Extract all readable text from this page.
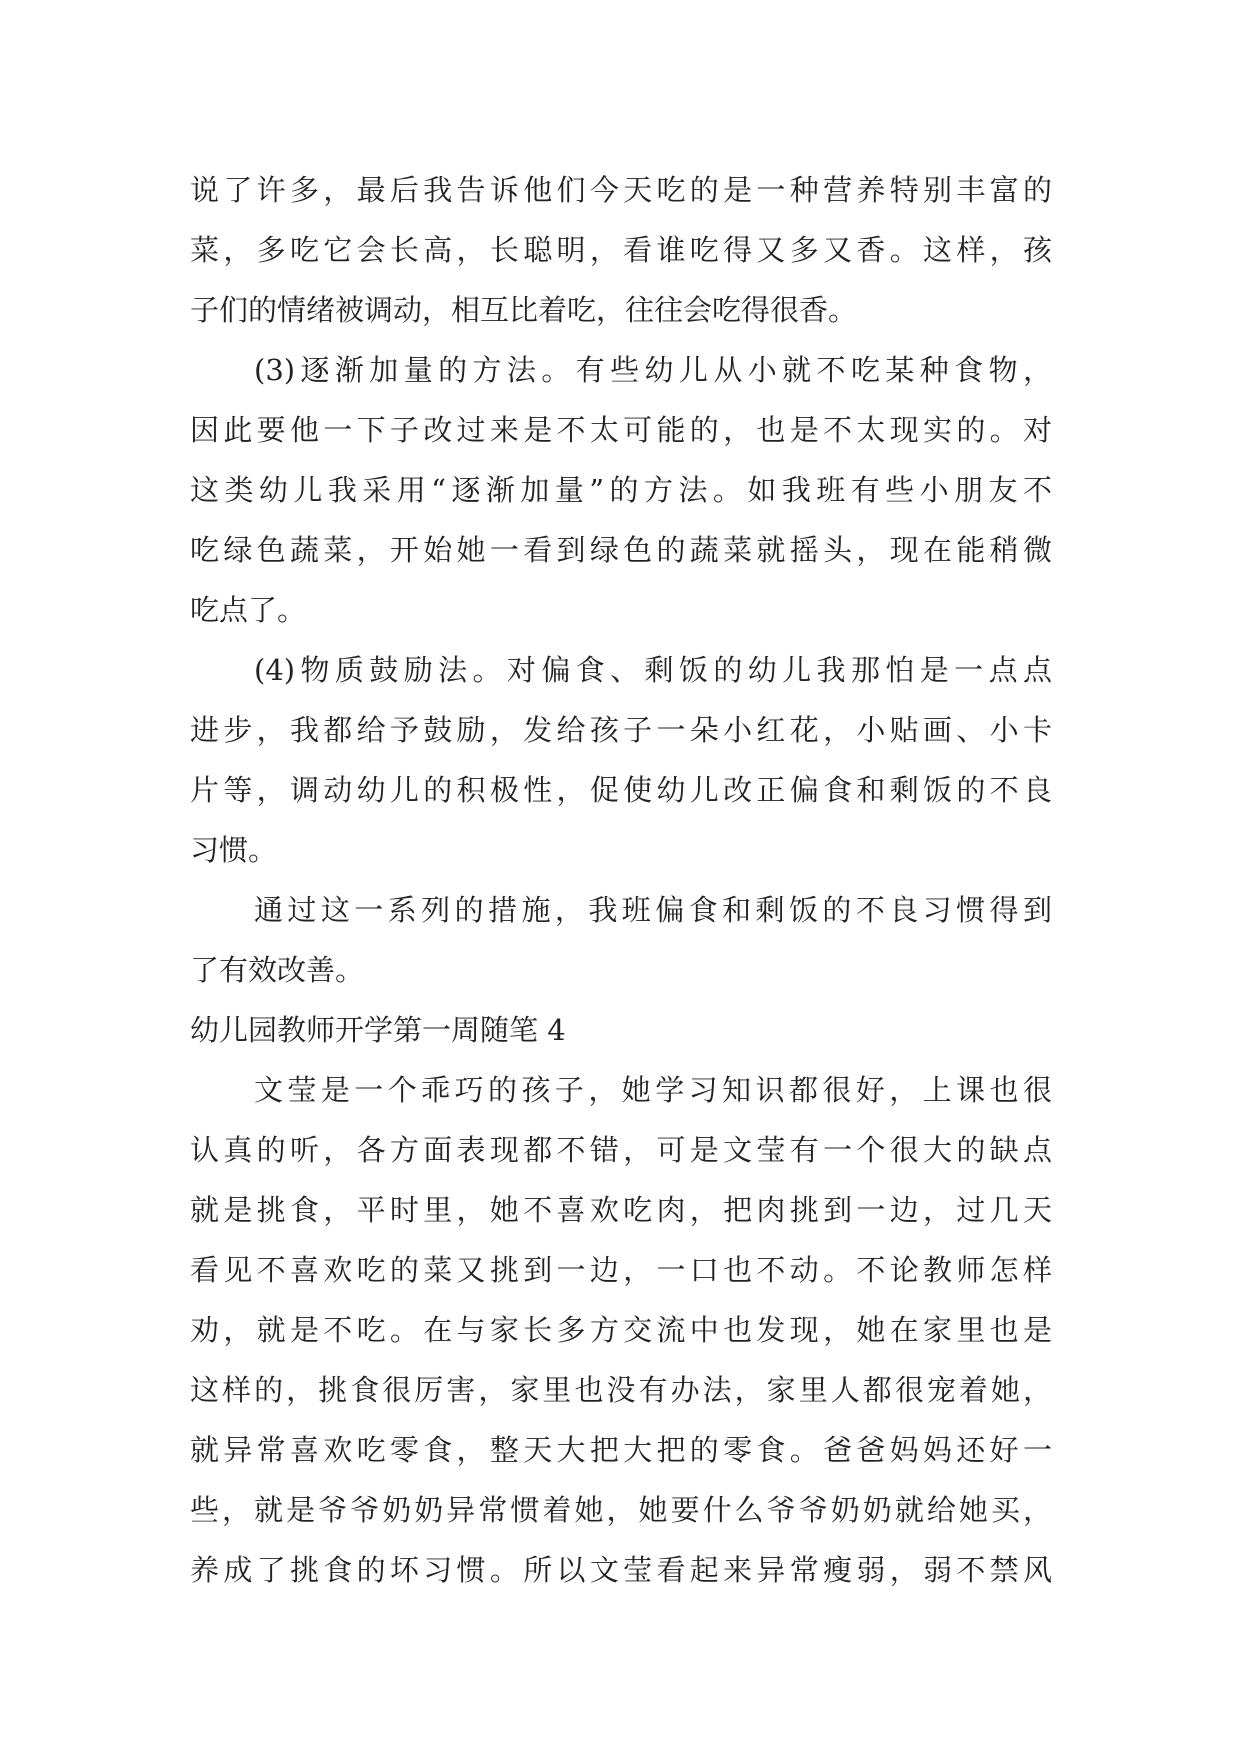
说了许多，最后我告诉他们今天吃的是一种营养特别丰富的
菜，多吃它会长高，长聪明，看谁吃得又多又香。这样，孩
子们的情绪被调动，相互比着吃，往往会吃得很香。
(3)逐渐加量的方法。有些幼儿从小就不吃某种食物，
因此要他一下子改过来是不太可能的，也是不太现实的。对
这类幼儿我采用“逐渐加量”的方法。如我班有些小朋友不
吃绿色蔬菜，开始她一看到绿色的蔬菜就摇头，现在能稍微
吃点了。
(4)物质鼓励法。对偏食、剩饭的幼儿我那怕是一点点
进步，我都给予鼓励，发给孩子一朵小红花，小贴画、小卡
片等，调动幼儿的积极性，促使幼儿改正偏食和剩饭的不良
习惯。
通过这一系列的措施，我班偏食和剩饭的不良习惯得到
了有效改善。
幼儿园教师开学第一周随笔 4
文莹是一个乖巧的孩子，她学习知识都很好，上课也很
认真的听，各方面表现都不错，可是文莹有一个很大的缺点
就是挑食，平时里，她不喜欢吃肉，把肉挑到一边，过几天
看见不喜欢吃的菜又挑到一边，一口也不动。不论教师怎样
劝，就是不吃。在与家长多方交流中也发现，她在家里也是
这样的，挑食很厉害，家里也没有办法，家里人都很宠着她，
就异常喜欢吃零食，整天大把大把的零食。爸爸妈妈还好一
些，就是爷爷奶奶异常惯着她，她要什么爷爷奶奶就给她买，
养成了挑食的坏习惯。所以文莹看起来异常瘦弱，弱不禁风
